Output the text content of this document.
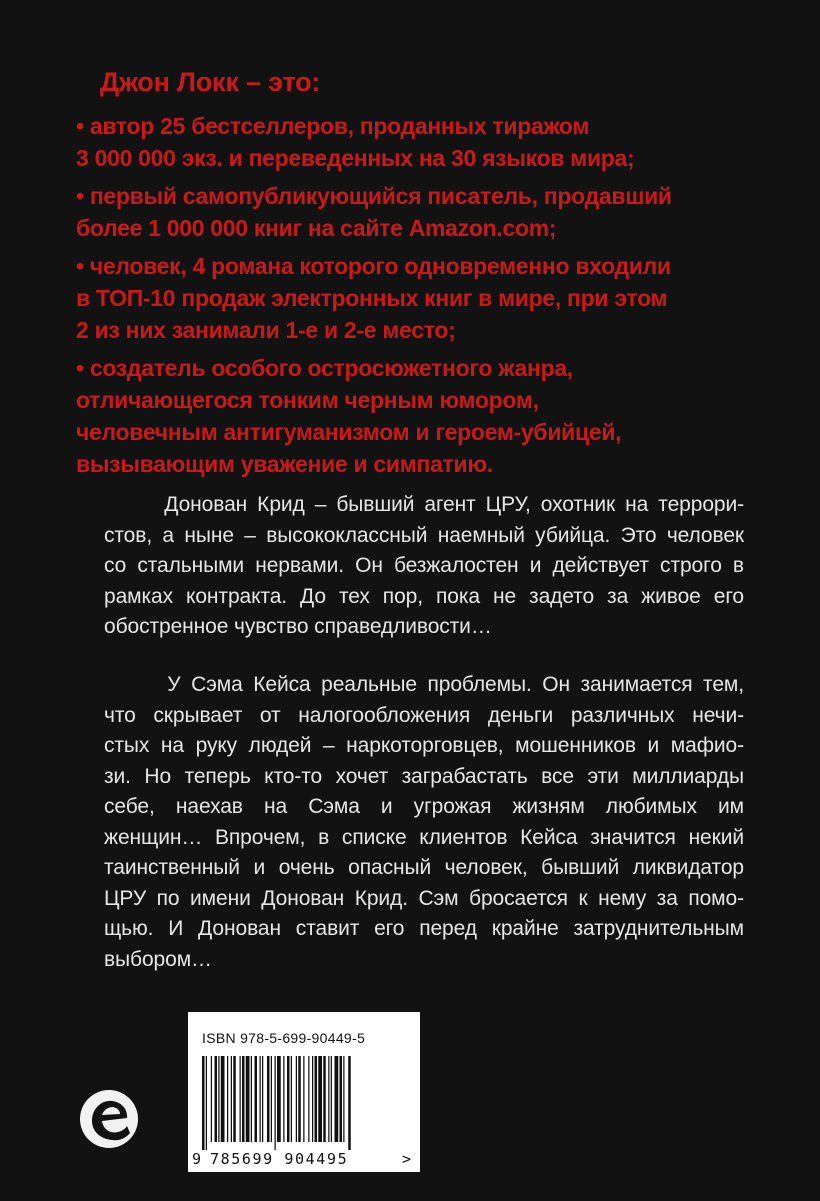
Джон Локк – это:
• автор 25 бестселлеров, проданных тиражом
3 000 000 экз. и переведенных на 30 языков мира;
• первый самопубликующийся писатель, продавший
более 1 000 000 книг на сайте Amazon.com;
• человек, 4 романа которого одновременно входили
в ТОП-10 продаж электронных книг в мире, при этом
2 из них занимали 1-е и 2-е место;
• создатель особого остросюжетного жанра,
отличающегося тонким черным юмором,
человечным антигуманизмом и героем-убийцей,
вызывающим уважение и симпатию.
Донован Крид – бывший агент ЦРУ, охотник на террори-
стов, а ныне – высококлассный наемный убийца. Это человек
со стальными нервами. Он безжалостен и действует строго в
рамках контракта. До тех пор, пока не задето за живое его
обостренное чувство справедливости…
У Сэма Кейса реальные проблемы. Он занимается тем,
что скрывает от налогообложения деньги различных нечи-
стых на руку людей – наркоторговцев, мошенников и мафио-
зи. Но теперь кто-то хочет заграбастать все эти миллиарды
себе, наехав на Сэма и угрожая жизням любимых им
женщин… Впрочем, в списке клиентов Кейса значится некий
таинственный и очень опасный человек, бывший ликвидатор
ЦРУ по имени Донован Крид. Сэм бросается к нему за помо-
щью. И Донован ставит его перед крайне затруднительным
выбором…
ISBN 978-5-699-90449-5
9 785699 904495	>
